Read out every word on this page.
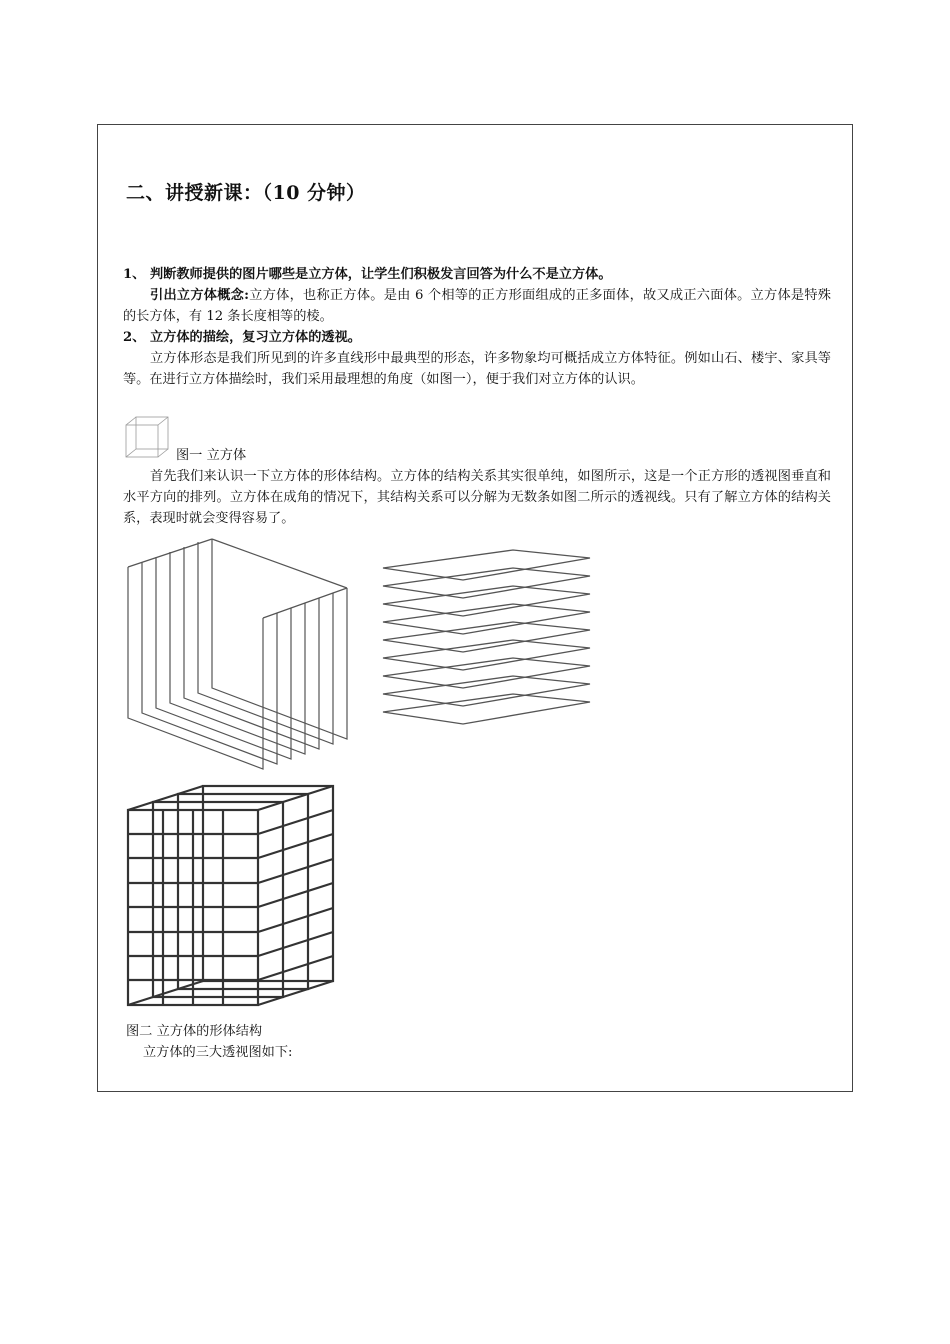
二、讲授新课：（10 分钟）
1、 判断教师提供的图片哪些是立方体，让学生们积极发言回答为什么不是立方体。
引出立方体概念:立方体，也称正方体。是由 6 个相等的正方形面组成的正多面体，故又成正六面体。立方体是特殊的长方体，有 12 条长度相等的棱。
2、 立方体的描绘，复习立方体的透视。
立方体形态是我们所见到的许多直线形中最典型的形态，许多物象均可概括成立方体特征。例如山石、楼宇、家具等等。在进行立方体描绘时，我们采用最理想的角度（如图一），便于我们对立方体的认识。
图一 立方体
首先我们来认识一下立方体的形体结构。立方体的结构关系其实很单纯，如图所示，这是一个正方形的透视图垂直和水平方向的排列。立方体在成角的情况下，其结构关系可以分解为无数条如图二所示的透视线。只有了解立方体的结构关系，表现时就会变得容易了。
图二 立方体的形体结构
立方体的三大透视图如下:
